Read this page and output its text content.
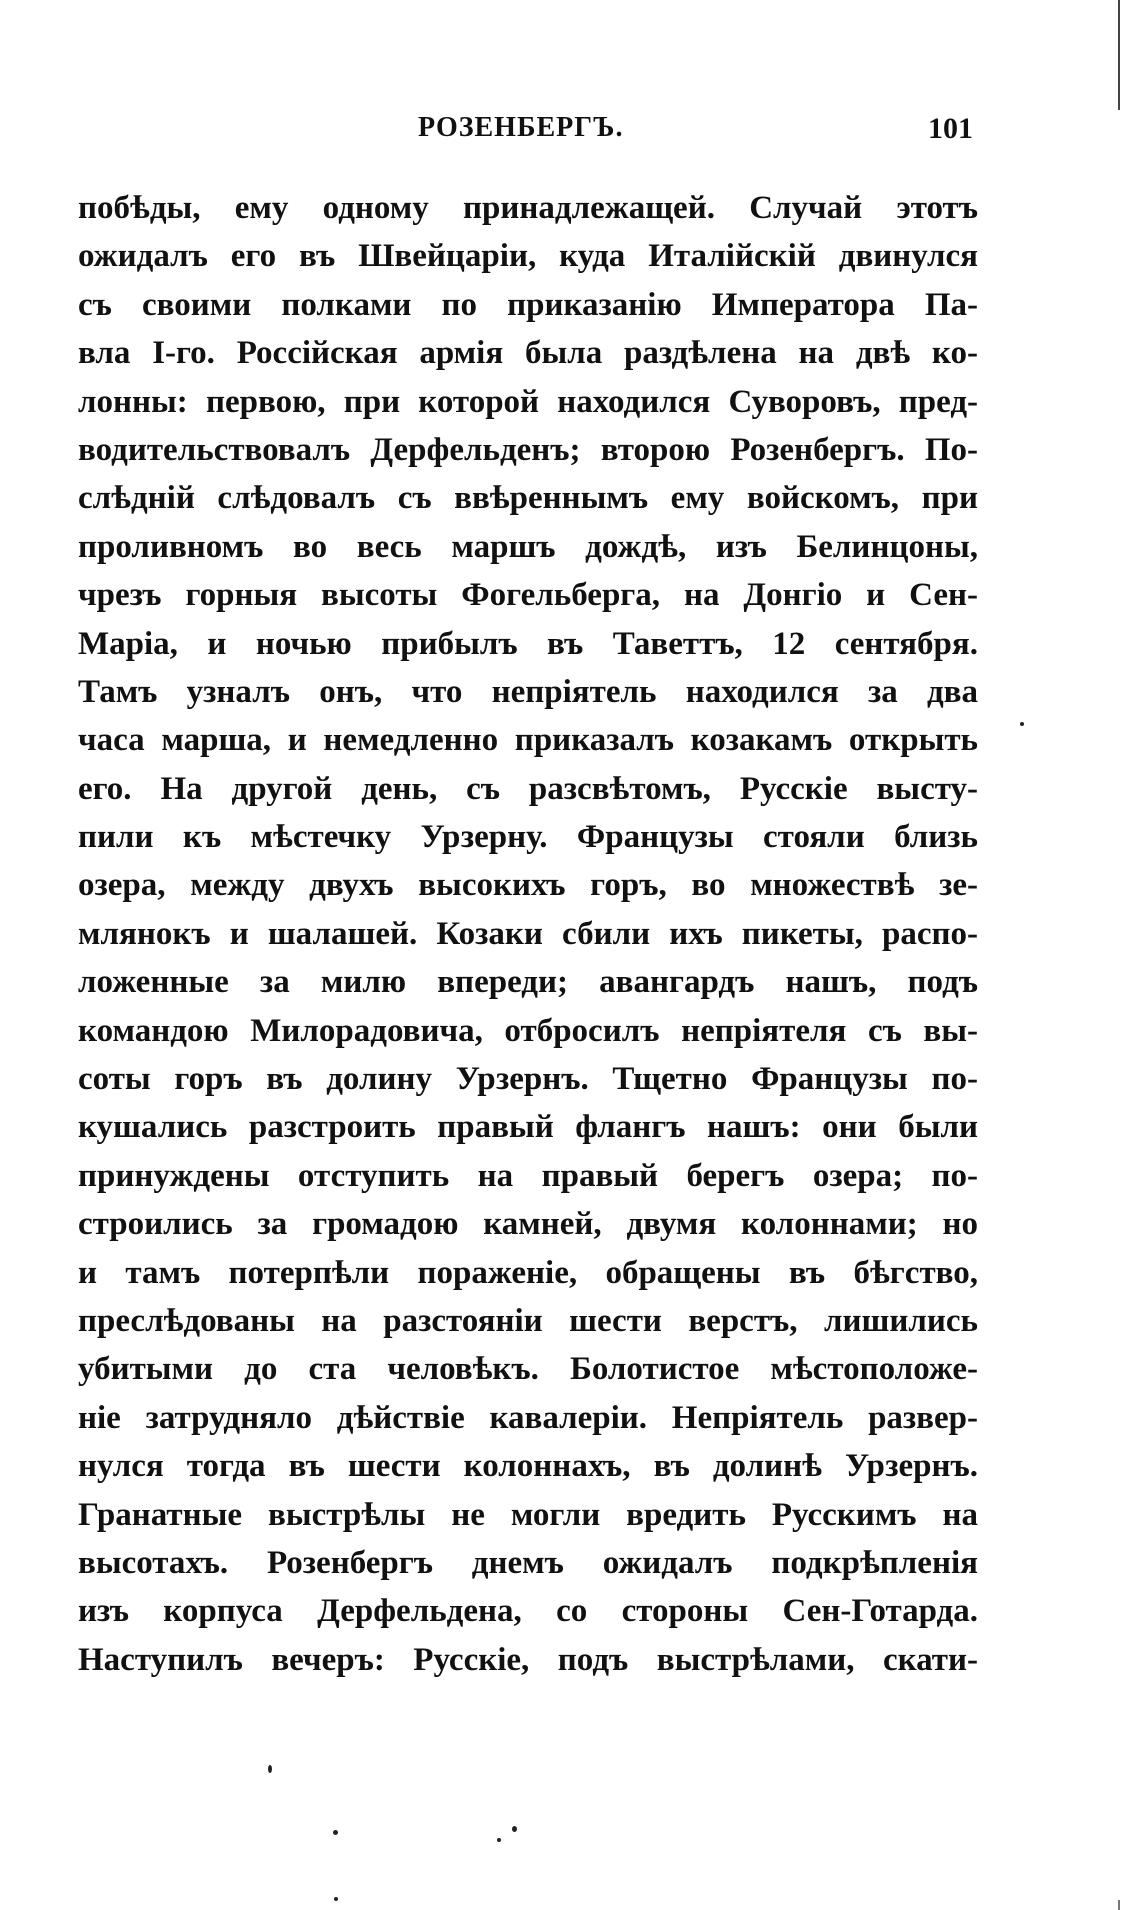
РОЗЕНБЕРГЪ.	101
побѣды, ему одному принадлежащей. Случай этотъ
ожидалъ его въ Швейцаріи, куда Италійскій двинулся
съ своими полками по приказанію Императора Па-
вла I-го. Россійская армія была раздѣлена на двѣ ко-
лонны: первою, при которой находился Суворовъ, пред-
водительствовалъ Дерфельденъ; второю Розенбергъ. По-
слѣдній слѣдовалъ съ ввѣреннымъ ему войскомъ, при
проливномъ во весь маршъ дождѣ, изъ Белинцоны,
чрезъ горныя высоты Фогельберга, на Донгіо и Сен-
Маріа, и ночью прибылъ въ Таветтъ, 12 сентября.
Тамъ узналъ онъ, что непріятель находился за два
часа марша, и немедленно приказалъ козакамъ открыть
его. На другой день, съ разсвѣтомъ, Русскіе высту-
пили къ мѣстечку Урзерну. Французы стояли близь
озера, между двухъ высокихъ горъ, во множествѣ зе-
млянокъ и шалашей. Козаки сбили ихъ пикеты, распо-
ложенные за милю впереди; авангардъ нашъ, подъ
командою Милорадовича, отбросилъ непріятеля съ вы-
соты горъ въ долину Урзернъ. Тщетно Французы по-
кушались разстроить правый флангъ нашъ: они были
принуждены отступить на правый берегъ озера; по-
строились за громадою камней, двумя колоннами; но
и тамъ потерпѣли пораженіе, обращены въ бѣгство,
преслѣдованы на разстояніи шести верстъ, лишились
убитыми до ста человѣкъ. Болотистое мѣстоположе-
ніе затрудняло дѣйствіе кавалеріи. Непріятель развер-
нулся тогда въ шести колоннахъ, въ долинѣ Урзернъ.
Гранатные выстрѣлы не могли вредить Русскимъ на
высотахъ. Розенбергъ днемъ ожидалъ подкрѣпленія
изъ корпуса Дерфельдена, со стороны Сен-Готарда.
Наступилъ вечеръ: Русскіе, подъ выстрѣлами, скати-
